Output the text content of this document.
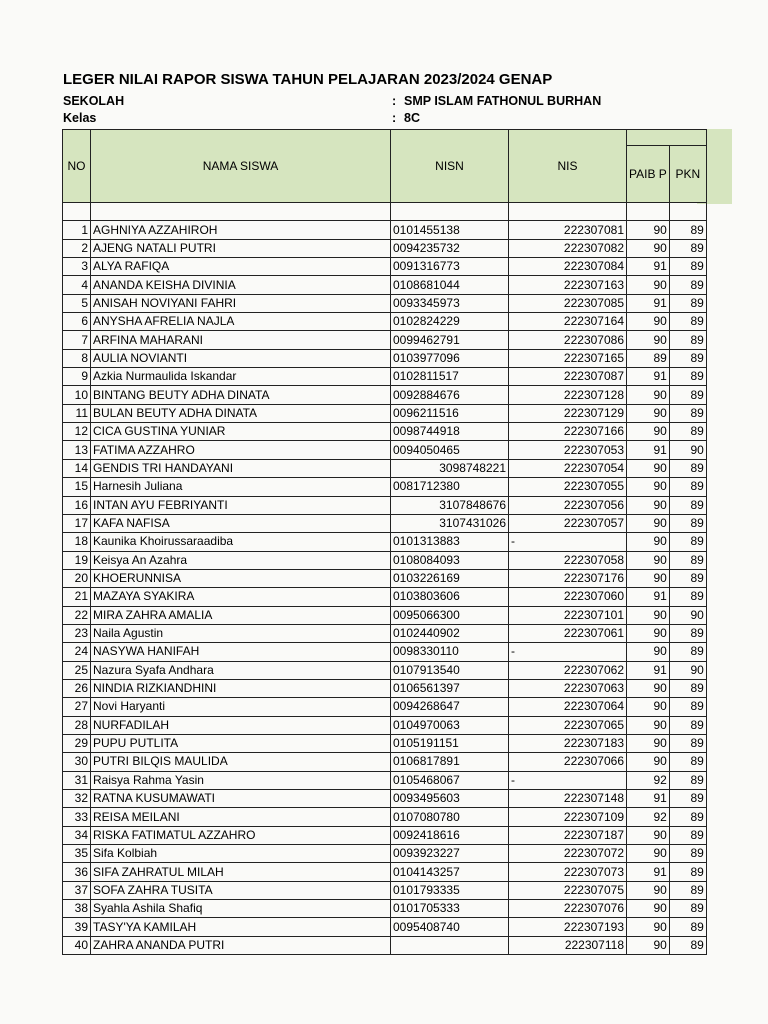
LEGER NILAI RAPOR SISWA TAHUN PELAJARAN 2023/2024 GENAP
SEKOLAH	: SMP ISLAM FATHONUL BURHAN
Kelas	: 8C
NO	NAMA SISWA	NISN	NIS		
				PAIB P	PKN

1	AGHNIYA AZZAHIROH	0101455138	222307081	90	89
2	AJENG NATALI PUTRI	0094235732	222307082	90	89
3	ALYA RAFIQA	0091316773	222307084	91	89
4	ANANDA KEISHA DIVINIA	0108681044	222307163	90	89
5	ANISAH NOVIYANI FAHRI	0093345973	222307085	91	89
6	ANYSHA AFRELIA NAJLA	0102824229	222307164	90	89
7	ARFINA MAHARANI	0099462791	222307086	90	89
8	AULIA NOVIANTI	0103977096	222307165	89	89
9	Azkia Nurmaulida Iskandar	0102811517	222307087	91	89
10	BINTANG BEUTY ADHA DINATA	0092884676	222307128	90	89
11	BULAN BEUTY ADHA DINATA	0096211516	222307129	90	89
12	CICA GUSTINA YUNIAR	0098744918	222307166	90	89
13	FATIMA AZZAHRO	0094050465	222307053	91	90
14	GENDIS TRI HANDAYANI	3098748221	222307054	90	89
15	Harnesih Juliana	0081712380	222307055	90	89
16	INTAN AYU FEBRIYANTI	3107848676	222307056	90	89
17	KAFA NAFISA	3107431026	222307057	90	89
18	Kaunika Khoirussaraadiba	0101313883	-	90	89
19	Keisya An Azahra	0108084093	222307058	90	89
20	KHOERUNNISA	0103226169	222307176	90	89
21	MAZAYA SYAKIRA	0103803606	222307060	91	89
22	MIRA ZAHRA AMALIA	0095066300	222307101	90	90
23	Naila Agustin	0102440902	222307061	90	89
24	NASYWA HANIFAH	0098330110	-	90	89
25	Nazura Syafa Andhara	0107913540	222307062	91	90
26	NINDIA RIZKIANDHINI	0106561397	222307063	90	89
27	Novi Haryanti	0094268647	222307064	90	89
28	NURFADILAH	0104970063	222307065	90	89
29	PUPU PUTLITA	0105191151	222307183	90	89
30	PUTRI BILQIS MAULIDA	0106817891	222307066	90	89
31	Raisya Rahma Yasin	0105468067	-	92	89
32	RATNA KUSUMAWATI	0093495603	222307148	91	89
33	REISA MEILANI	0107080780	222307109	92	89
34	RISKA FATIMATUL AZZAHRO	0092418616	222307187	90	89
35	Sifa Kolbiah	0093923227	222307072	90	89
36	SIFA ZAHRATUL MILAH	0104143257	222307073	91	89
37	SOFA ZAHRA TUSITA	0101793335	222307075	90	89
38	Syahla Ashila Shafiq	0101705333	222307076	90	89
39	TASY'YA KAMILAH	0095408740	222307193	90	89
40	ZAHRA ANANDA PUTRI		222307118	90	89
